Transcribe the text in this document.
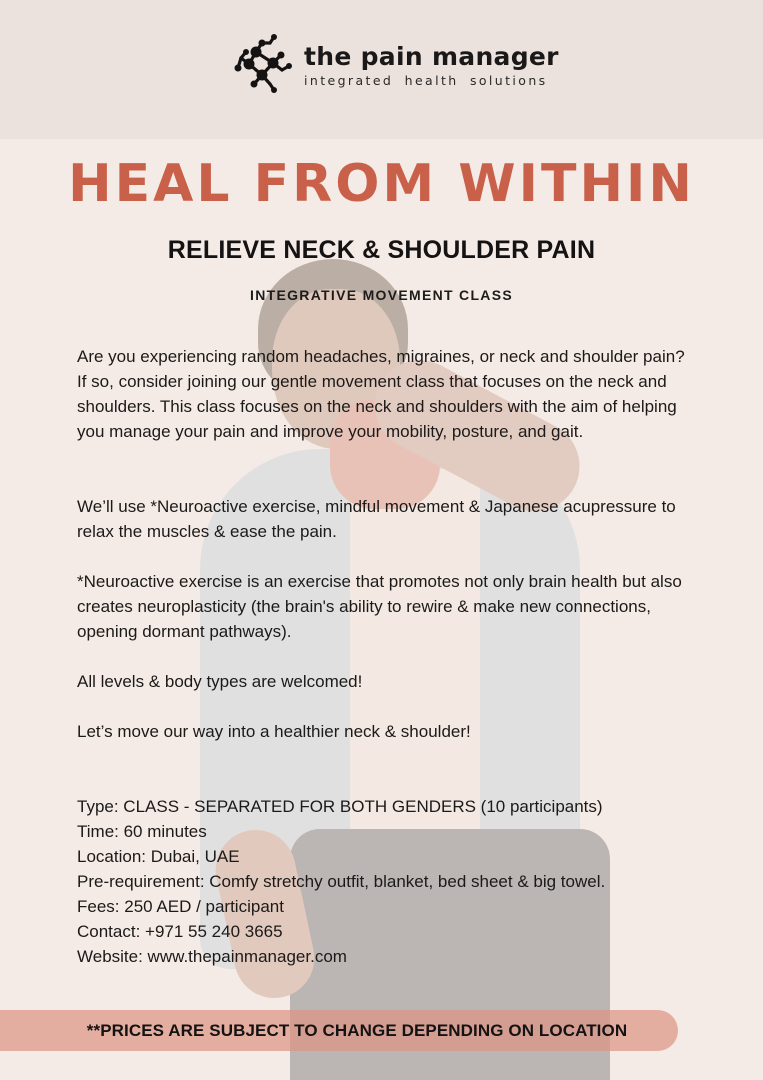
the pain manager
integrated health solutions
HEAL FROM WITHIN
RELIEVE NECK & SHOULDER PAIN
INTEGRATIVE MOVEMENT CLASS
Are you experiencing random headaches, migraines, or neck and shoulder pain? If so, consider joining our gentle movement class that focuses on the neck and shoulders. This class focuses on the neck and shoulders with the aim of helping you manage your pain and improve your mobility, posture, and gait.
We’ll use *Neuroactive exercise, mindful movement & Japanese acupressure to relax the muscles & ease the pain.
*Neuroactive exercise is an exercise that promotes not only brain health but also creates neuroplasticity (the brain's ability to rewire & make new connections, opening dormant pathways).
All levels & body types are welcomed!
Let’s move our way into a healthier neck & shoulder!
Type: CLASS - SEPARATED FOR BOTH GENDERS (10 participants)
Time: 60 minutes
Location: Dubai, UAE
Pre-requirement: Comfy stretchy outfit, blanket, bed sheet & big towel.
Fees: 250 AED / participant
Contact: +971 55 240 3665
Website: www.thepainmanager.com
**PRICES ARE SUBJECT TO CHANGE DEPENDING ON LOCATION
